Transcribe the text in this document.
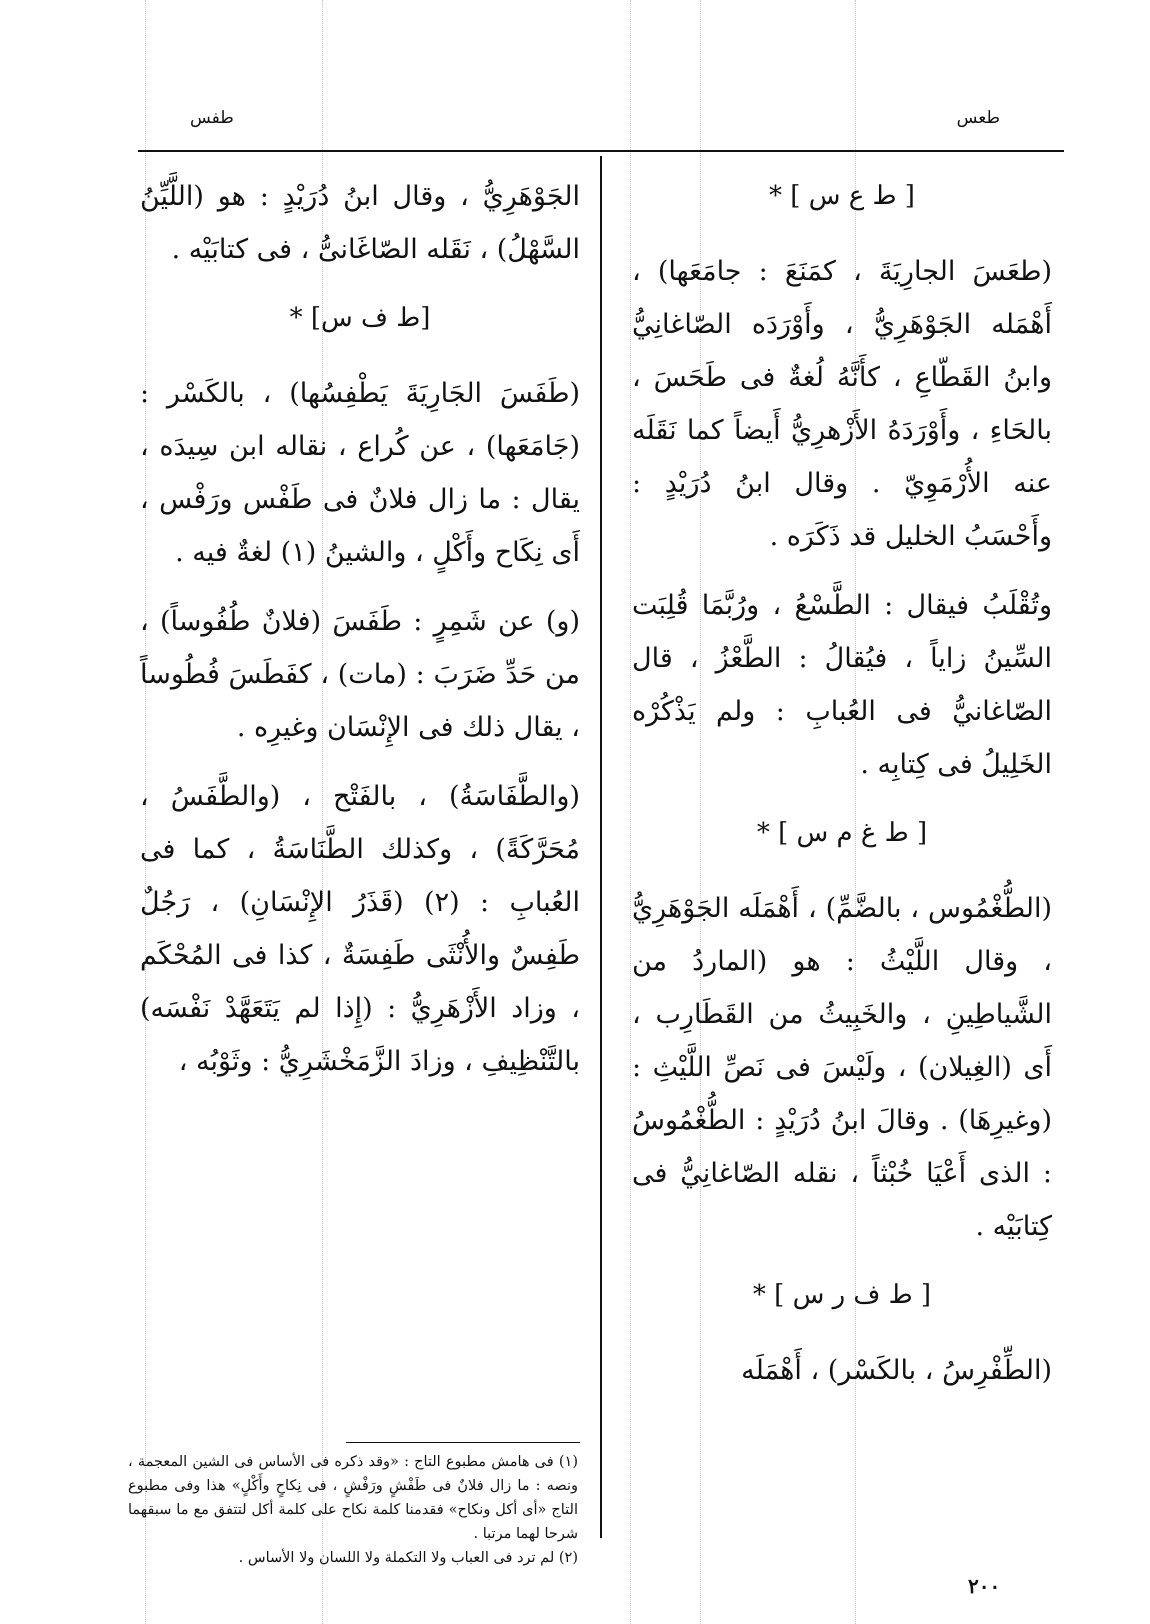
طعس
طفس
[ ط ع س ] *

(طعَسَ الجارِيَةَ ، كمَنَعَ : جامَعَها) ، أَهْمَله الجَوْهَرِيُّ ، وأَوْرَدَه الصّاغانِيُّ وابنُ القَطّاعِ ، كأَنَّهُ لُغةٌ فى طَحَسَ ، بالحَاءِ ، وأَوْرَدَهُ الأَزْهرِيُّ أَيضاً كما نَقَلَه عنه الأُرْمَوِيّ . وقال ابنُ دُرَيْدٍ : وأَحْسَبُ الخليل قد ذَكَرَه .

وتُقْلَبُ فيقال : الطَّسْعُ ، ورُبَّمَا قُلِبَت السِّينُ زاياً ، فيُقالُ : الطَّعْزُ ، قال الصّاغانيُّ فى العُبابِ : ولم يَذْكُرْه الخَلِيلُ فى كِتابِه .

[ ط غ م س ] *

(الطُّغْمُوس ، بالضَّمِّ) ، أَهْمَلَه الجَوْهَرِيُّ ، وقال اللَّيْثُ : هو (الماردُ من الشَّياطِينِ ، والخَبِيثُ من القَطَارِب ، أَى (الغِيلان) ، ولَيْسَ فى نَصِّ اللَّيْثِ : (وغيرِهَا) . وقالَ ابنُ دُرَيْدٍ : الطُّغْمُوسُ : الذى أَعْيَا خُبْثاً ، نقله الصّاغانِيُّ فى كِتابَيْه .

[ ط ف ر س ] *

(الطِّفْرِسُ ، بالكَسْر) ، أَهْمَلَه

الجَوْهَرِيُّ ، وقال ابنُ دُرَيْدٍ : هو (اللَّيِّنُ السَّهْلُ) ، نَقَله الصّاغَانىُّ ، فى كتابَيْه .

[ط ف س] *

(طَفَسَ الجَارِيَةَ يَطْفِسُها) ، بالكَسْر : (جَامَعَها) ، عن كُراع ، نقاله ابن سِيدَه ، يقال : ما زال فلانٌ فى طَفْس ورَفْس ، أَى نِكَاح وأَكْلٍ ، والشينُ (١) لغةٌ فيه .

(و) عن شَمِرٍ : طَفَسَ (فلانٌ طُفُوساً) ، من حَدِّ ضَرَبَ : (مات) ، كفَطَسَ فُطُوساً ، يقال ذلك فى الإِنْسَان وغيرِه .

(والطَّفَاسَةُ) ، بالفَتْح ، (والطَّفَسُ ، مُحَرَّكَةً) ، وكذلك الطَّنَاسَةُ ، كما فى العُبابِ : (٢) (قَذَرُ الإِنْسَانِ) ، رَجُلٌ طَفِسٌ والأُنْثَى طَفِسَةٌ ، كذا فى المُحْكَم ، وزاد الأَزْهَرِيُّ : (إِذا لم يَتَعَهَّدْ نَفْسَه) بالتَّنْظِيفِ ، وزادَ الزَّمَخْشَرِيُّ : وثَوْبُه ،

(١) فى هامش مطبوع التاج : «وقد ذكره فى الأساس فى الشين المعجمة ، ونصه : ما زال فلانٌ فى طَفْشٍ ورَفْشٍ ، فى نِكاحٍ وأَكْلٍ» هذا وفى مطبوع التاج «أى أكل ونكاح» فقدمنا كلمة نكاح على كلمة أكل لتتفق مع ما سبقهما شرحا لهما مرتبا .

(٢) لم ترد فى العباب ولا التكملة ولا اللسان ولا الأساس .

٢٠٠
